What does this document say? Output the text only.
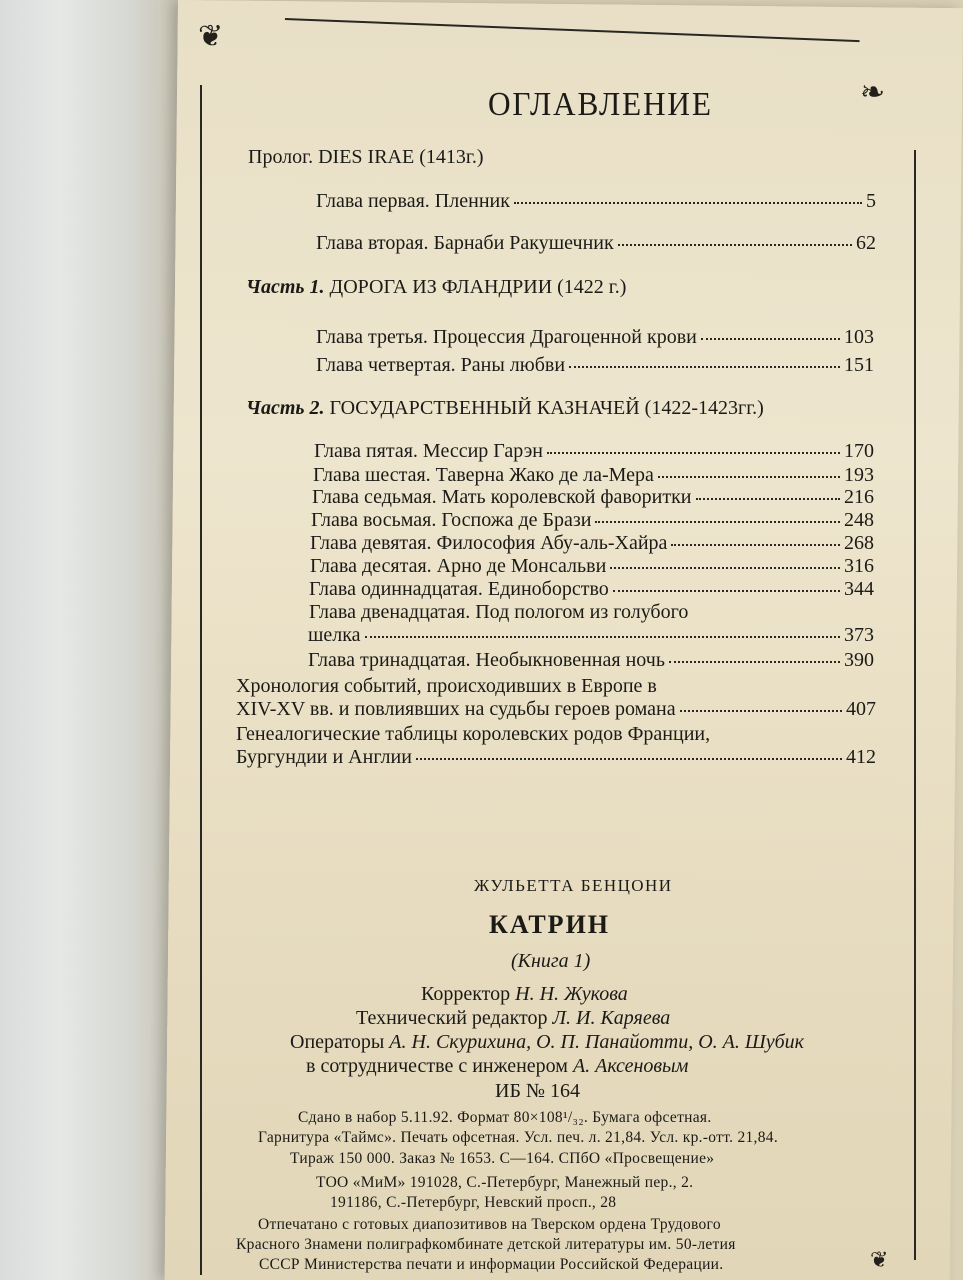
❦
❧
❦
ОГЛАВЛЕНИЕ
Пролог. DIES IRAE (1413г.)
Глава первая. Пленник	5
Глава вторая. Барнаби Ракушечник	62
Часть 1.
ДОРОГА ИЗ ФЛАНДРИИ (1422 г.)
Глава третья. Процессия Драгоценной крови	103
Глава четвертая. Раны любви	151
Часть 2.
ГОСУДАРСТВЕННЫЙ КАЗНАЧЕЙ (1422-1423гг.)
Глава пятая. Мессир Гарэн	170
Глава шестая. Таверна Жако де ла-Мера	193
Глава седьмая. Мать королевской фаворитки	216
Глава восьмая. Госпожа де Брази	248
Глава девятая. Философия Абу-аль-Хайра	268
Глава десятая. Арно де Монсальви	316
Глава одиннадцатая. Единоборство	344
Глава двенадцатая. Под пологом из голубого
шелка	373
Глава тринадцатая. Необыкновенная ночь	390
Хронология событий, происходивших в Европе в
XIV-XV вв. и повлиявших на судьбы героев романа	407
Генеалогические таблицы королевских родов Франции,
Бургундии и Англии	412
ЖУЛЬЕТТА БЕНЦОНИ
КАТРИН
(Книга 1)
Корректор Н. Н. Жукова
Технический редактор Л. И. Каряева
Операторы А. Н. Скурихина, О. П. Панайотти, О. А. Шубик
в сотрудничестве с инженером А. Аксеновым
ИБ № 164
Сдано в набор 5.11.92. Формат 80×108¹/₃₂. Бумага офсетная.
Гарнитура «Таймс». Печать офсетная. Усл. печ. л. 21,84. Усл. кр.-отт. 21,84.
Тираж 150 000. Заказ № 1653. С—164. СПбО «Просвещение»
ТОО «МиМ» 191028, С.-Петербург, Манежный пер., 2.
191186, С.-Петербург, Невский просп., 28
Отпечатано с готовых диапозитивов на Тверском ордена Трудового
Красного Знамени полиграфкомбинате детской литературы им. 50-летия
СССР Министерства печати и информации Российской Федерации.
